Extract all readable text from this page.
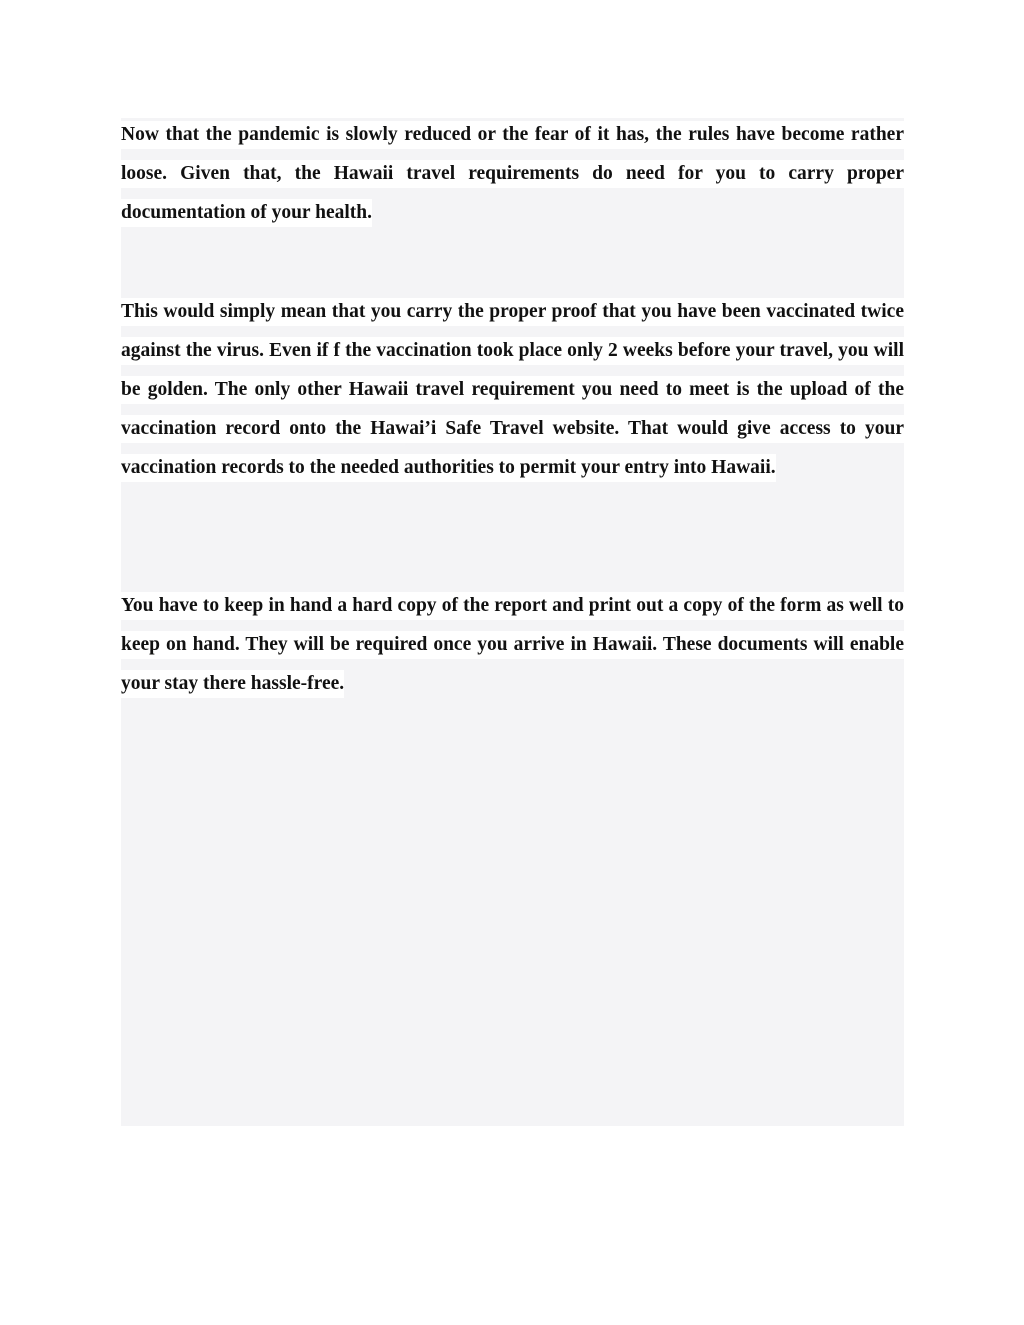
Now that the pandemic is slowly reduced or the fear of it has, the rules have become rather loose. Given that, the Hawaii travel requirements do need for you to carry proper documentation of your health.

This would simply mean that you carry the proper proof that you have been vaccinated twice against the virus. Even if f the vaccination took place only 2 weeks before your travel, you will be golden. The only other Hawaii travel requirement you need to meet is the upload of the vaccination record onto the Hawai’i Safe Travel website. That would give access to your vaccination records to the needed authorities to permit your entry into Hawaii.

You have to keep in hand a hard copy of the report and print out a copy of the form as well to keep on hand. They will be required once you arrive in Hawaii. These documents will enable your stay there hassle-free.
